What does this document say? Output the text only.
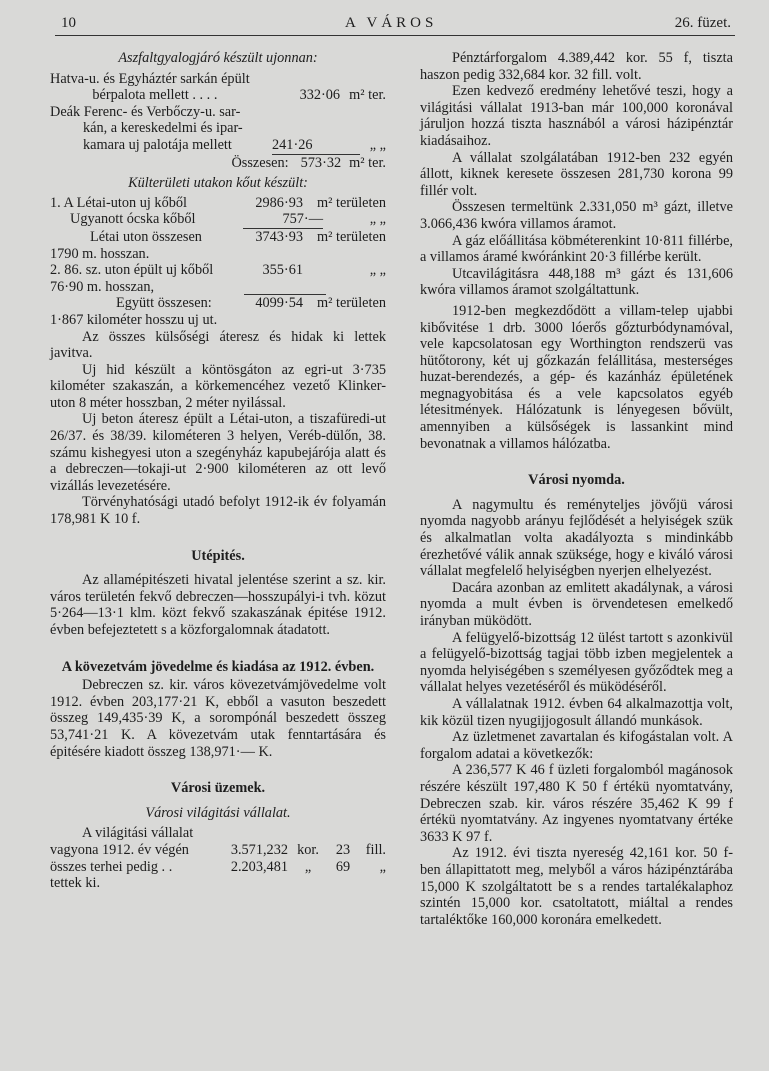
10	A VÁROS	26. füzet.

Aszfaltgyalogjáró készült ujonnan:

Hatva-u. és Egyháztér sarkán épült
bérpalota mellett . . . .	332·06 m² ter.
Deák Ferenc- és Verbőczy-u. sar-
kán, a kereskedelmi és ipar-
kamara uj palotája mellett	241·26	„ „
Összesen: 573·32 m² ter.

Külterületi utakon kőut készült:

1. A Létai-uton uj kőből	2986·93 m² területen
Ugyanott ócska kőből	757·—	„ „
Létai uton összesen	3743·93 m² területen
1790 m. hosszan.
2. 86. sz. uton épült uj kőből	355·61	„ „
76·90 m. hosszan,
Együtt összesen:	4099·54 m² területen

1·867 kilométer hosszu uj ut.

Az összes külsőségi áteresz és hidak ki lettek javitva.

Uj hid készült a köntösgáton az egri-ut 3·735 kilométer szakaszán, a körkemencéhez vezető Klinker-uton 8 méter hosszban, 2 méter nyilással.

Uj beton áteresz épült a Létai-uton, a tiszafüredi-ut 26/37. és 38/39. kilométeren 3 helyen, Veréb-dülőn, 38. számu kishegyesi uton a szegényház kapubejárója alatt és a debreczen—tokaji-ut 2·900 kilométeren az ott levő vizállás levezetésére.

Törvényhatósági utadó befolyt 1912-ik év folyamán 178,981 K 10 f.

Utépités.

Az allamépitészeti hivatal jelentése szerint a sz. kir. város területén fekvő debreczen—hosszupályi-i tvh. közut 5·264—13·1 klm. közt fekvő szakaszának épitése 1912. évben befejeztetett s a közforgalomnak átadatott.

A kövezetvám jövedelme és kiadása az 1912. évben.

Debreczen sz. kir. város kövezetvámjövedelme volt 1912. évben 203,177·21 K, ebből a vasuton beszedett összeg 149,435·39 K, a sorompónál beszedett összeg 53,741·21 K. A kövezetvám utak fenntartására és épitésére kiadott összeg 138,971·— K.

Városi üzemek.

Városi világitási vállalat.

A világitási vállalat

vagyona 1912. év végén	3.571,232 kor.	23	fill.
összes terhei pedig . .	2.203,481	„	69	„

tettek ki.

Pénztárforgalom 4.389,442 kor. 55 f, tiszta haszon pedig 332,684 kor. 32 fill. volt.

Ezen kedvező eredmény lehetővé teszi, hogy a világitási vállalat 1913-ban már 100,000 koronával járuljon hozzá tiszta hasznából a városi házipénztár kiadásaihoz.

A vállalat szolgálatában 1912-ben 232 egyén állott, kiknek keresete összesen 281,730 korona 99 fillér volt.

Összesen termeltünk 2.331,050 m³ gázt, illetve 3.066,436 kwóra villamos áramot.

A gáz előállitása köbméterenkint 10·811 fillérbe, a villamos áramé kwóránkint 20·3 fillérbe került.

Utcavilágitásra 448,188 m³ gázt és 131,606 kwóra villamos áramot szolgáltattunk.

1912-ben megkezdődött a villam-telep ujabbi kibővitése 1 drb. 3000 lóerős gőzturbódynamóval, vele kapcsolatosan egy Worthington rendszerü vas hütőtorony, két uj gőzkazán felállitása, mesterséges huzat-berendezés, a gép- és kazánház épületének megnagyobitása és a vele kapcsolatos egyéb létesitmények. Hálózatunk is lényegesen bővült, amennyiben a külsőségek is lassankint mind bevonatnak a villamos hálózatba.

Városi nyomda.

A nagymultu és reményteljes jövőjü városi nyomda nagyobb arányu fejlődését a helyiségek szük és alkalmatlan volta akadályozta s mindinkább érezhetővé válik annak szüksége, hogy e kiváló városi vállalat megfelelő helyiségben nyerjen elhelyezést.

Dacára azonban az emlitett akadálynak, a városi nyomda a mult évben is örvendetesen emelkedő irányban müködött.

A felügyelő-bizottság 12 ülést tartott s azonkivül a felügyelő-bizottság tagjai több izben megjelentek a nyomda helyiségében s személyesen győződtek meg a vállalat helyes vezetéséről és müködéséről.

A vállalatnak 1912. évben 64 alkalmazottja volt, kik közül tizen nyugijjogosult állandó munkások.

Az üzletmenet zavartalan és kifogástalan volt. A forgalom adatai a következők:

A 236,577 K 46 f üzleti forgalomból magánosok részére készült 197,480 K 50 f értékü nyomtatvány, Debreczen szab. kir. város részére 35,462 K 99 f értékü nyomtatvány. Az ingyenes nyomtatvany értéke 3633 K 97 f.

Az 1912. évi tiszta nyereség 42,161 kor. 50 f-ben állapittatott meg, melyből a város házipénztárába 15,000 K szolgáltatott be s a rendes tartalékalaphoz szintén 15,000 kor. csatoltatott, miáltal a rendes tartaléktőke 160,000 koronára emelkedett.
